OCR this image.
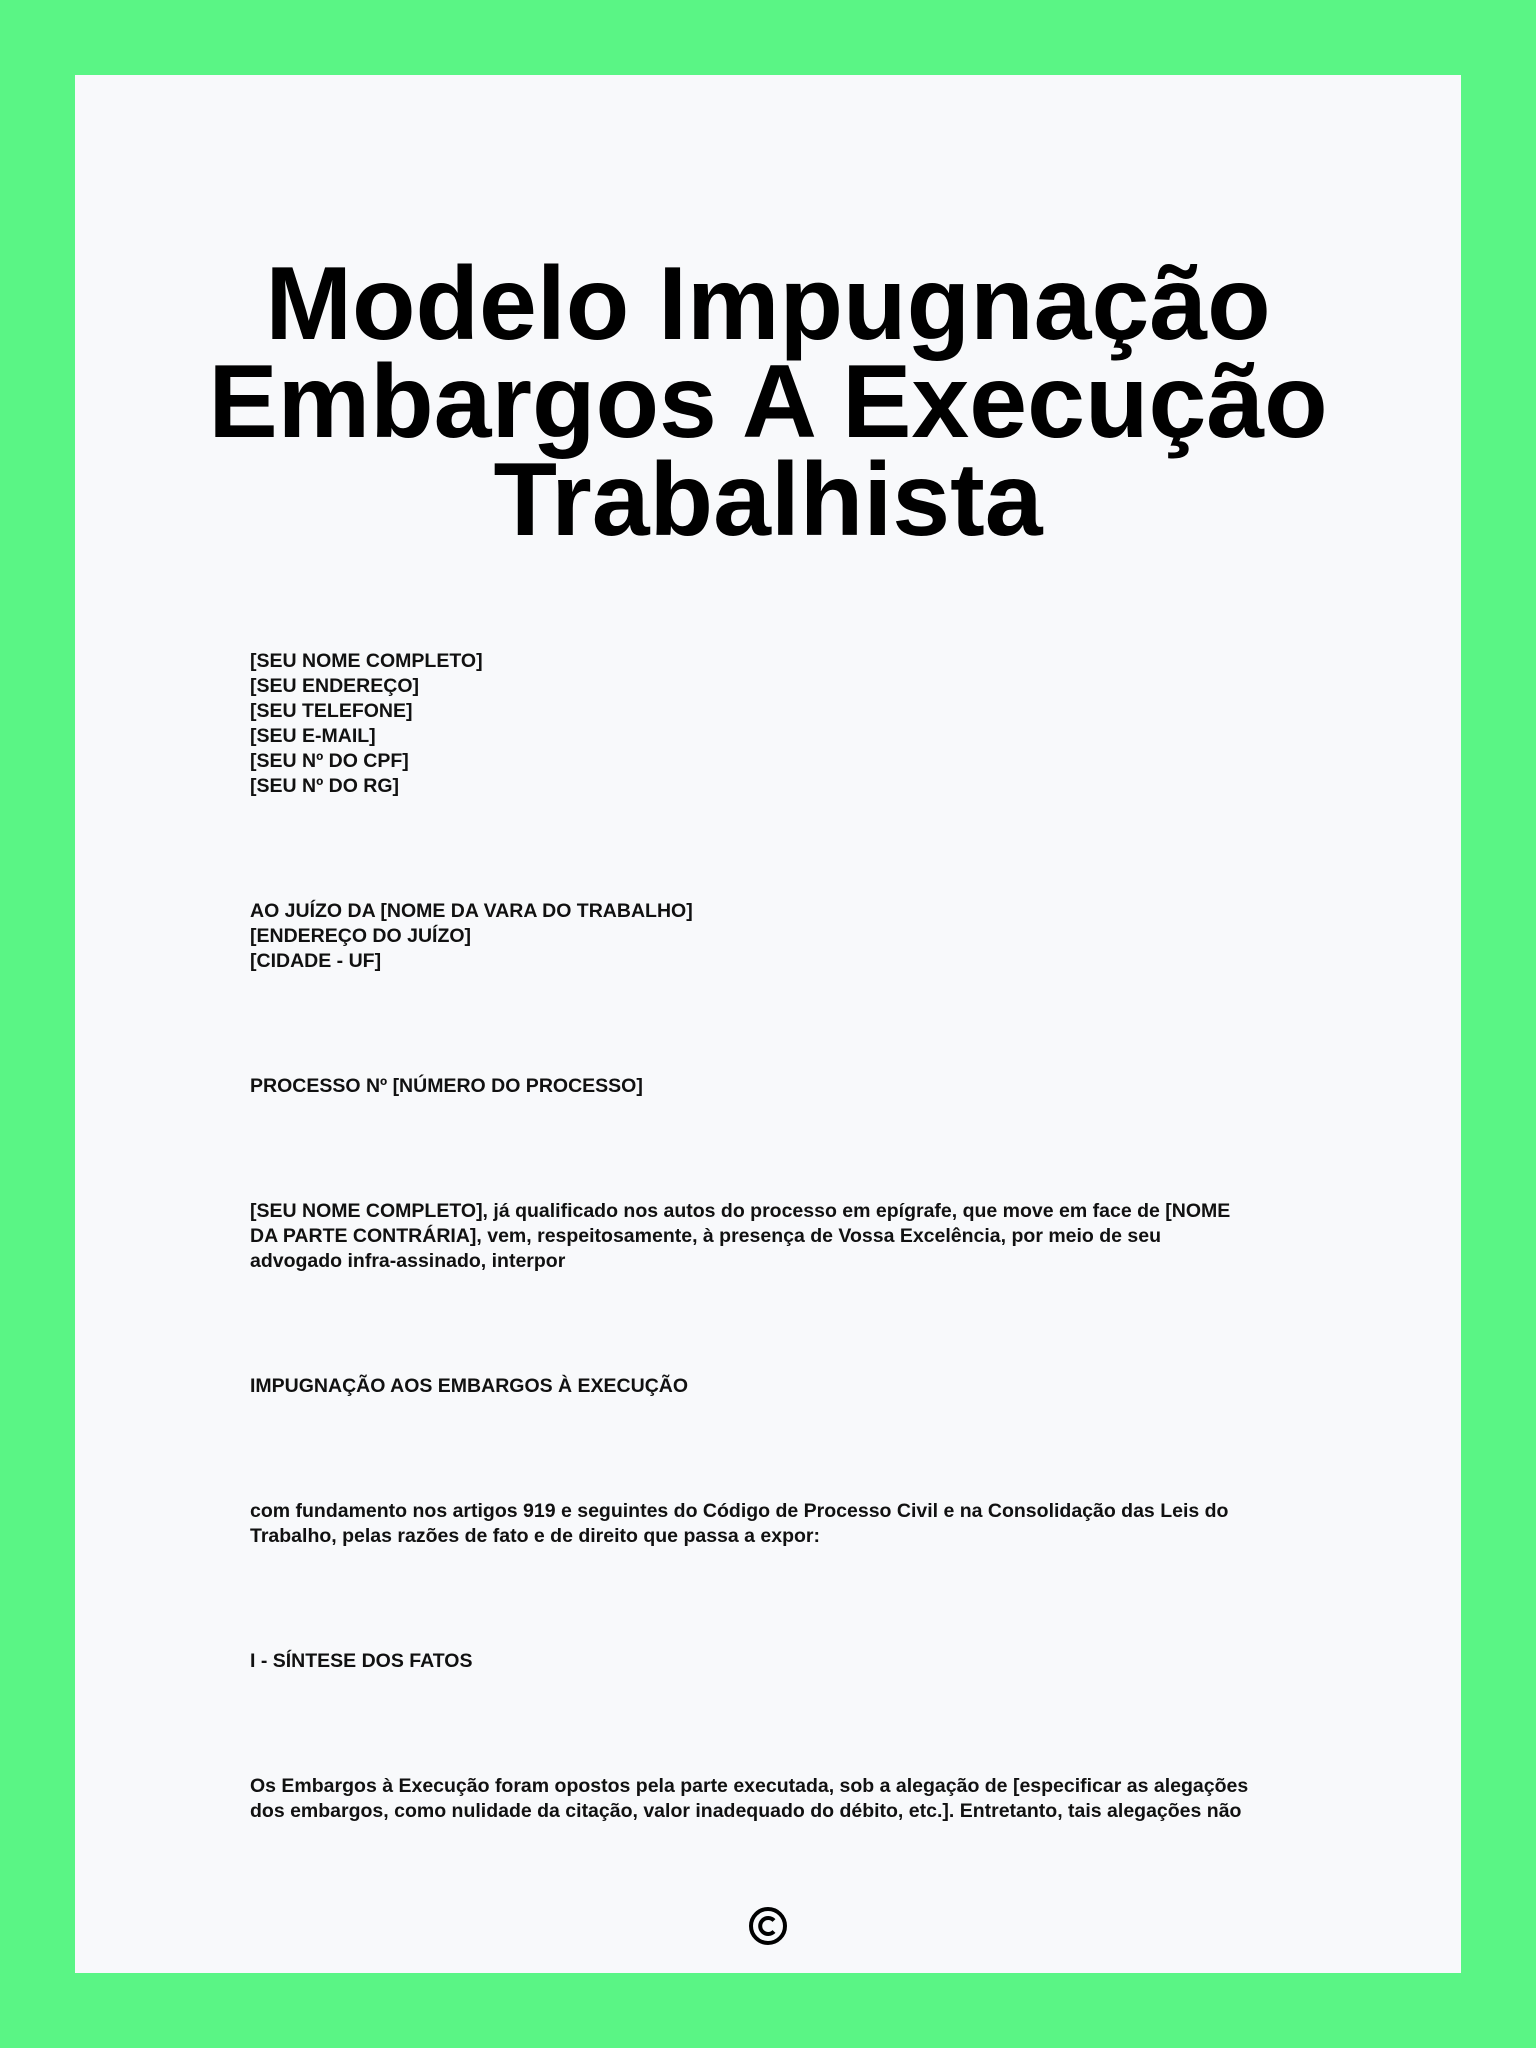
Modelo Impugnação
Embargos A Execução
Trabalhista
[SEU NOME COMPLETO]
[SEU ENDEREÇO]
[SEU TELEFONE]
[SEU E-MAIL]
[SEU Nº DO CPF]
[SEU Nº DO RG]
AO JUÍZO DA [NOME DA VARA DO TRABALHO]
[ENDEREÇO DO JUÍZO]
[CIDADE - UF]
PROCESSO Nº [NÚMERO DO PROCESSO]
[SEU NOME COMPLETO], já qualificado nos autos do processo em epígrafe, que move em face de [NOME
DA PARTE CONTRÁRIA], vem, respeitosamente, à presença de Vossa Excelência, por meio de seu
advogado infra-assinado, interpor
IMPUGNAÇÃO AOS EMBARGOS À EXECUÇÃO
com fundamento nos artigos 919 e seguintes do Código de Processo Civil e na Consolidação das Leis do
Trabalho, pelas razões de fato e de direito que passa a expor:
I - SÍNTESE DOS FATOS
Os Embargos à Execução foram opostos pela parte executada, sob a alegação de [especificar as alegações
dos embargos, como nulidade da citação, valor inadequado do débito, etc.]. Entretanto, tais alegações não
